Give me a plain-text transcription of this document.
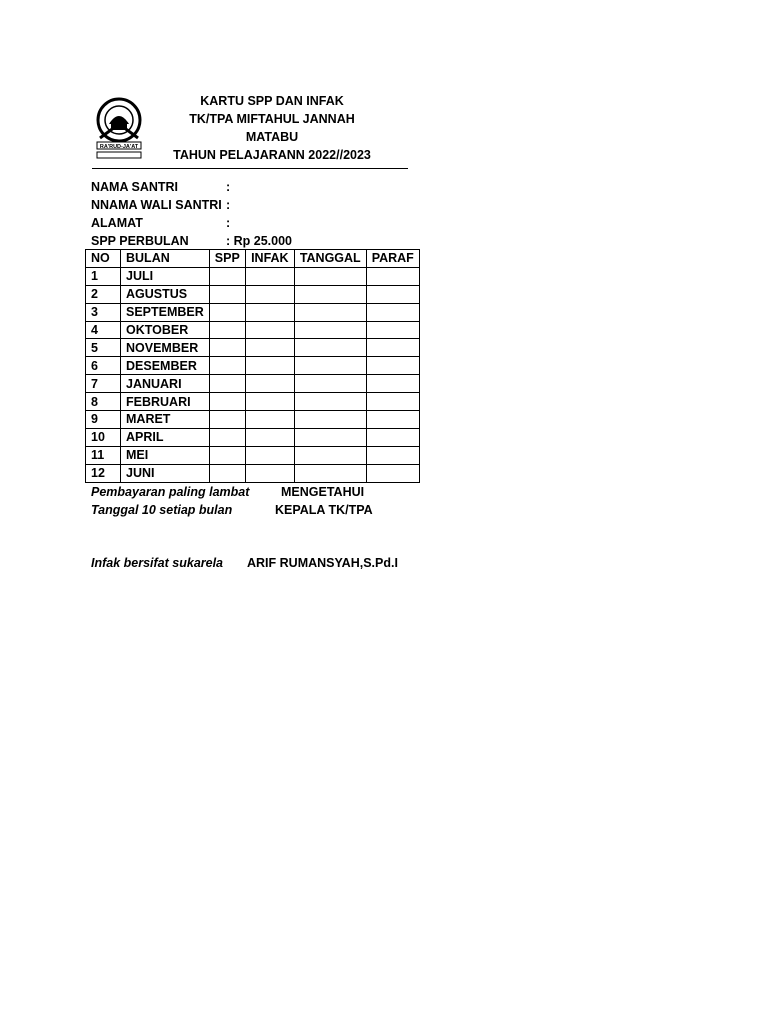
RA'RUD-JA'AT
KARTU SPP DAN INFAK
TK/TPA MIFTAHUL JANNAH
MATABU
TAHUN PELAJARANN 2022//2023
NAMA SANTRI	:
NNAMA WALI SANTRI :
ALAMAT	:
SPP PERBULAN	: Rp 25.000
NO	BULAN	SPP	INFAK	TANGGAL	PARAF
1	JULI				
2	AGUSTUS				
3	SEPTEMBER				
4	OKTOBER				
5	NOVEMBER				
6	DESEMBER				
7	JANUARI				
8	FEBRUARI				
9	MARET				
10	APRIL				
11	MEI				
12	JUNI				
Pembayaran paling lambat	MENGETAHUI
Tanggal 10 setiap bulan	KEPALA TK/TPA
Infak bersifat sukarela ARIF RUMANSYAH,S.Pd.I
